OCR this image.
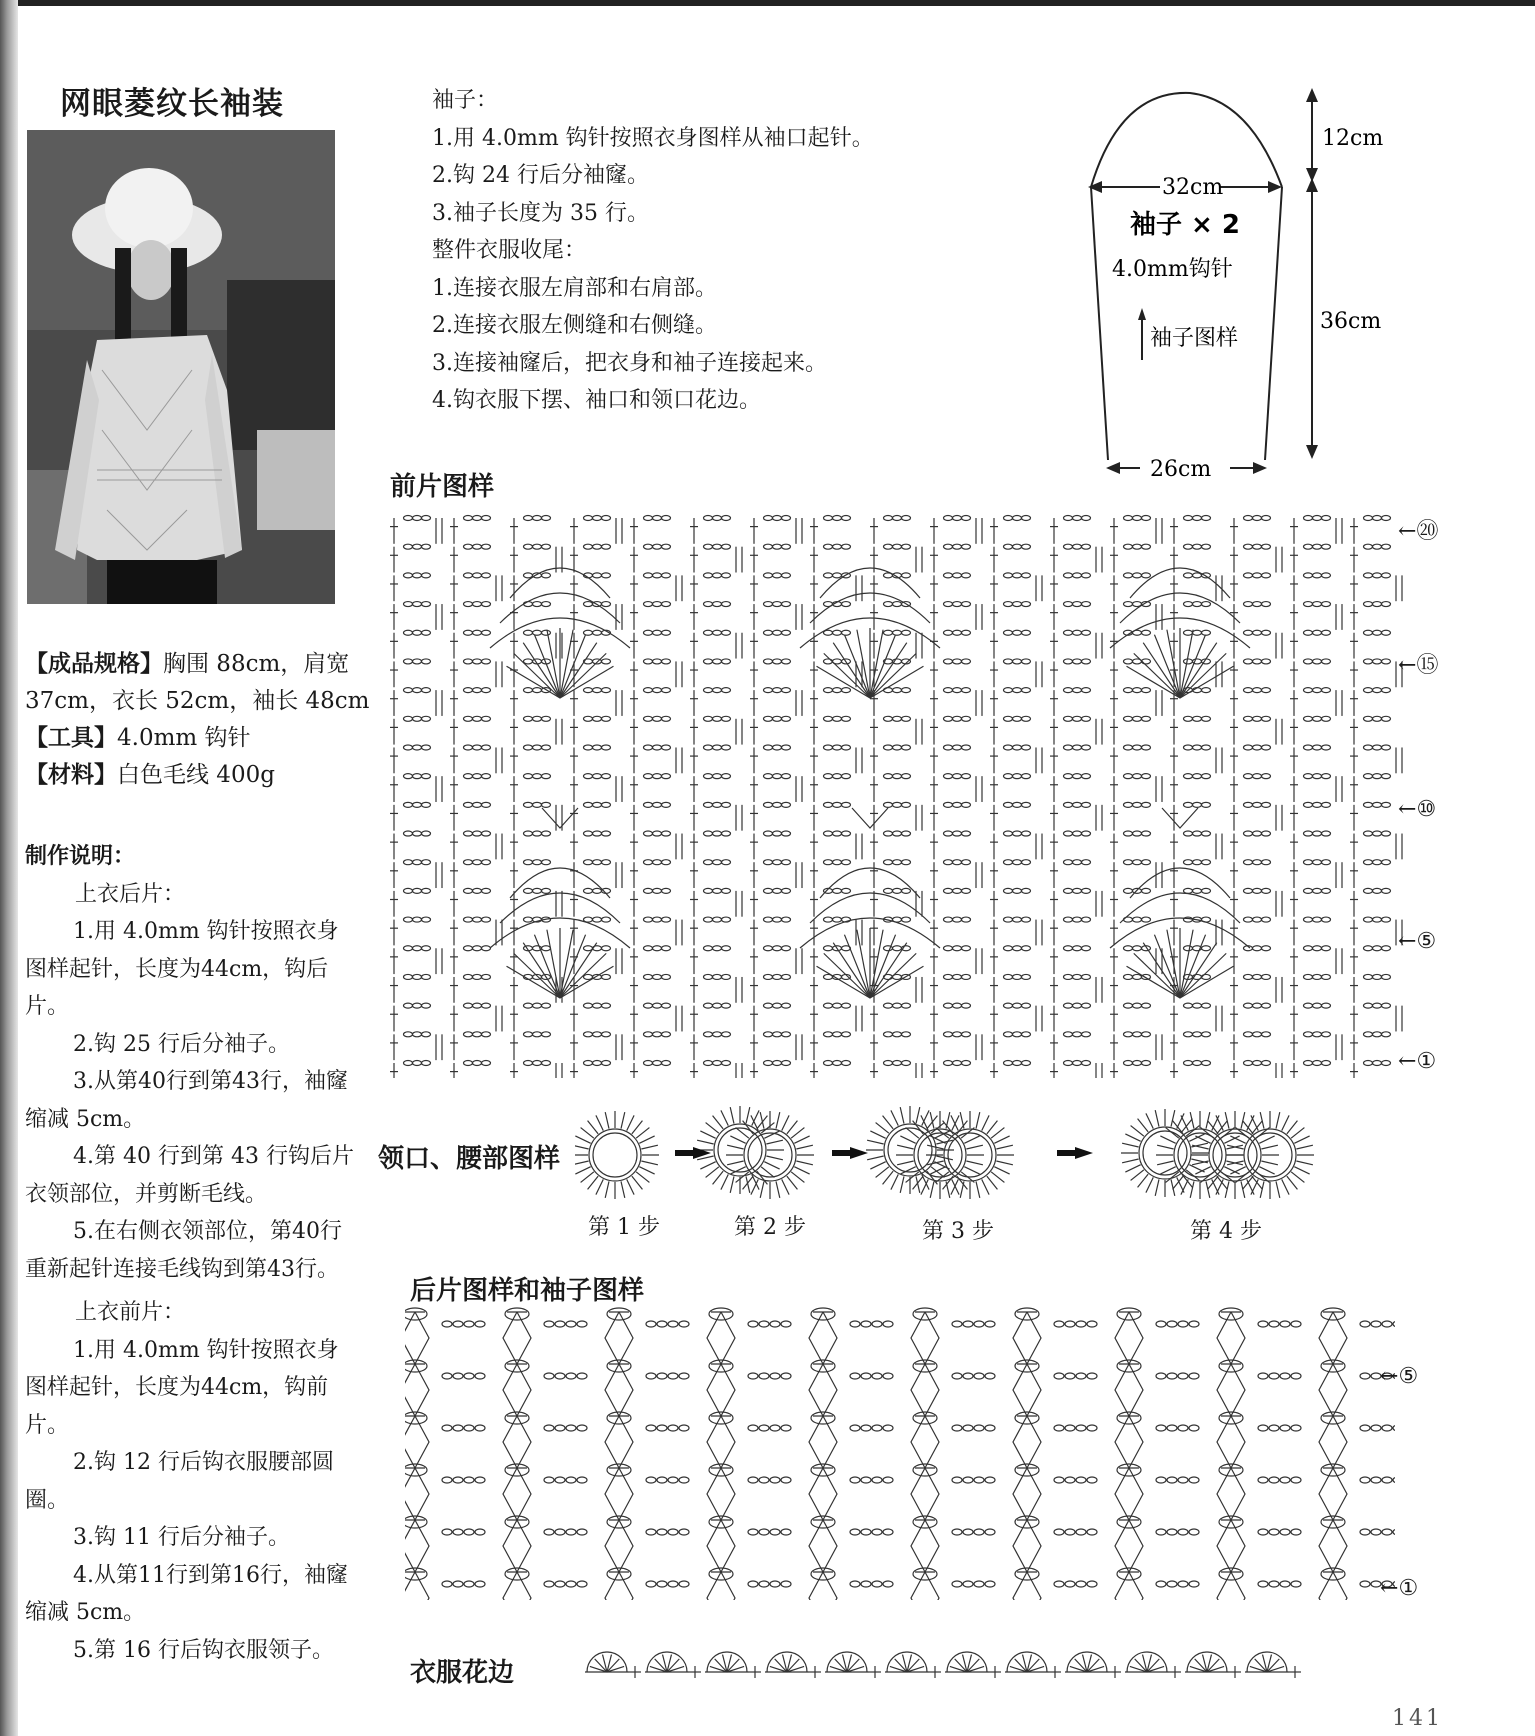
网眼菱纹长袖装
【成品规格】胸围 88cm，肩宽
37cm，衣长 52cm，袖长 48cm
【工具】4.0mm 钩针
【材料】白色毛线 400g
制作说明：
上衣后片：
1.用 4.0mm 钩针按照衣身图样起针，长度为44cm，钩后片。
2.钩 25 行后分袖子。
3.从第40行到第43行，袖窿缩减 5cm。
4.第 40 行到第 43 行钩后片衣领部位，并剪断毛线。
5.在右侧衣领部位，第40行重新起针连接毛线钩到第43行。
上衣前片：
1.用 4.0mm 钩针按照衣身图样起针，长度为44cm，钩前片。
2.钩 12 行后钩衣服腰部圆圈。
3.钩 11 行后分袖子。
4.从第11行到第16行，袖窿缩减 5cm。
5.第 16 行后钩衣服领子。
袖子：
1.用 4.0mm 钩针按照衣身图样从袖口起针。
2.钩 24 行后分袖窿。
3.袖子长度为 35 行。
整件衣服收尾：
1.连接衣服左肩部和右肩部。
2.连接衣服左侧缝和右侧缝。
3.连接袖窿后，把衣身和袖子连接起来。
4.钩衣服下摆、袖口和领口花边。
12cm
32cm
36cm
26cm
袖子 × 2
4.0mm钩针
袖子图样
前片图样
领口、腰部图样
后片图样和袖子图样
衣服花边
←⑳
←⑮
←⑩
←⑤
←①
第 1 步	第 2 步	第 3 步	第 4 步
←⑤
←①
141
